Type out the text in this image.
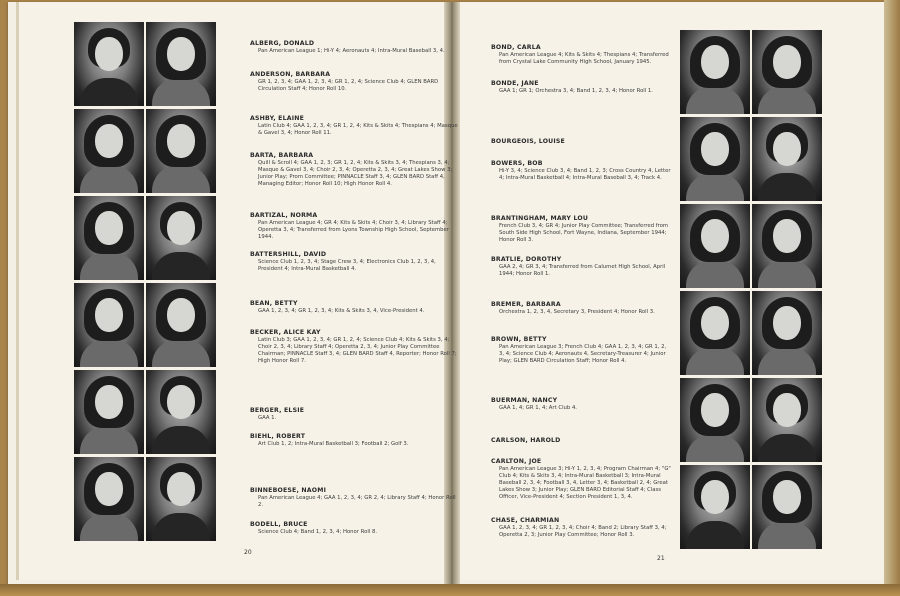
ALBERG, DONALD

Pan American League 1; Hi-Y 4; Aeronauts 4; Intra-Mural Baseball 3, 4.

ANDERSON, BARBARA

GR 1, 2, 3, 4; GAA 1, 2, 3, 4; GR 1, 2, 4; Science Club 4; GLEN BARD Circulation Staff 4; Honor Roll 10.

ASHBY, ELAINE

Latin Club 4; GAA 1, 2, 3, 4; GR 1, 2, 4; Kits & Skits 4; Thespians 4; Masque & Gavel 3, 4; Honor Roll 11.

BARTA, BARBARA

Quill & Scroll 4; GAA 1, 2, 3; GR 1, 2, 4; Kits & Skits 3, 4; Thespians 3, 4; Masque & Gavel 3, 4; Choir 2, 3, 4; Operetta 2, 3, 4; Great Lakes Show 3; Junior Play; Prom Committee; PINNACLE Staff 3, 4; GLEN BARD Staff 4, Managing Editor; Honor Roll 10; High Honor Roll 4.

BARTIZAL, NORMA

Pan American League 4; GR 4; Kits & Skits 4; Choir 3, 4; Library Staff 4; Operetta 3, 4; Transferred from Lyons Township High School, September 1944.

BATTERSHILL, DAVID

Science Club 1, 2, 3, 4; Stage Crew 3, 4; Electronics Club 1, 2, 3, 4, President 4; Intra-Mural Basketball 4.

BEAN, BETTY

GAA 1, 2, 3, 4; GR 1, 2, 3, 4; Kits & Skits 3, 4, Vice-President 4.

BECKER, ALICE KAY

Latin Club 3; GAA 1, 2, 3, 4; GR 1, 2, 4; Science Club 4; Kits & Skits 3, 4; Choir 2, 3, 4; Library Staff 4; Operetta 2, 3, 4; Junior Play Committee Chairman; PINNACLE Staff 3, 4; GLEN BARD Staff 4, Reporter; Honor Roll 7; High Honor Roll 7.

BERGER, ELSIE

GAA 1.

BIEHL, ROBERT

Art Club 1, 2; Intra-Mural Basketball 3; Football 2; Golf 3.

BINNEBOESE, NAOMI

Pan American League 4; GAA 1, 2, 3, 4; GR 2, 4; Library Staff 4; Honor Roll 2.

BODELL, BRUCE

Science Club 4; Band 1, 2, 3, 4; Honor Roll 8.

BOND, CARLA

Pan American League 4; Kits & Skits 4; Thespians 4; Transferred from Crystal Lake Community High School, January 1945.

BONDE, JANE

GAA 1; GR 1; Orchestra 3, 4; Band 1, 2, 3, 4; Honor Roll 1.

BOURGEOIS, LOUISE

BOWERS, BOB

Hi-Y 3, 4; Science Club 3, 4; Band 1, 2, 3; Cross Country 4, Letter 4; Intra-Mural Basketball 4; Intra-Mural Baseball 3, 4; Track 4.

BRANTINGHAM, MARY LOU

French Club 3, 4; GR 4; Junior Play Committee; Transferred from South Side High School, Fort Wayne, Indiana, September 1944; Honor Roll 3.

BRATLIE, DOROTHY

GAA 2, 4; GR 3, 4; Transferred from Calumet High School, April 1944; Honor Roll 1.

BREMER, BARBARA

Orchestra 1, 2, 3, 4, Secretary 3, President 4; Honor Roll 3.

BROWN, BETTY

Pan American League 3; French Club 4; GAA 1, 2, 3, 4; GR 1, 2, 3, 4; Science Club 4; Aeronauts 4, Secretary-Treasurer 4; Junior Play; GLEN BARD Circulation Staff; Honor Roll 4.

BUERMAN, NANCY

GAA 1, 4; GR 1, 4; Art Club 4.

CARLSON, HAROLD

CARLTON, JOE

Pan American League 3; Hi-Y 1, 2, 3, 4; Program Chairman 4; "G" Club 4; Kits & Skits 3, 4; Intra-Mural Basketball 3; Intra-Mural Baseball 2, 3, 4; Football 3, 4, Letter 3, 4; Basketball 2, 4; Great Lakes Show 3; Junior Play; GLEN BARD Editorial Staff 4; Class Officer, Vice-President 4; Section President 1, 3, 4.

CHASE, CHARMIAN

GAA 1, 2, 3, 4; GR 1, 2, 3, 4; Choir 4; Band 2; Library Staff 3, 4; Operetta 2, 3; Junior Play Committee; Honor Roll 3.

20
21
